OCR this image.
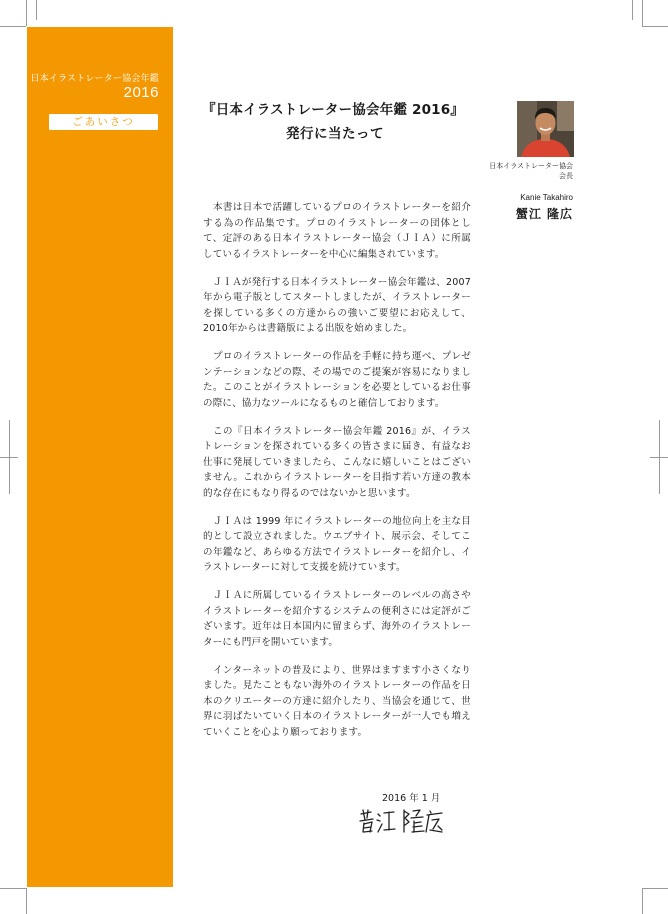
日本イラストレーター協会年鑑
2016
ごあいさつ
『日本イラストレーター協会年鑑 2016』
発行に当たって
日本イラストレーター協会
会長
Kanie Takahiro
蟹江 隆広

　本書は日本で活躍しているプロのイラストレーターを紹介する為の作品集です。プロのイラストレーターの団体として、定評のある日本イラストレーター協会（ＪＩＡ）に所属しているイラストレーターを中心に編集されています。

　ＪＩＡが発行する日本イラストレーター協会年鑑は、2007年から電子版としてスタートしましたが、イラストレーターを探している多くの方達からの強いご要望にお応えして、2010年からは書籍版による出版を始めました。

　プロのイラストレーターの作品を手軽に持ち運べ、プレゼンテーションなどの際、その場でのご提案が容易になりました。このことがイラストレーションを必要としているお仕事の際に、協力なツールになるものと確信しております。

　この『日本イラストレーター協会年鑑 2016』が、イラストレーションを探されている多くの皆さまに届き、有益なお仕事に発展していきましたら、こんなに嬉しいことはございません。これからイラストレーターを目指す若い方達の教本的な存在にもなり得るのではないかと思います。

　ＪＩＡは 1999 年にイラストレーターの地位向上を主な目的として設立されました。ウエブサイト、展示会、そしてこの年鑑など、あらゆる方法でイラストレーターを紹介し、イラストレーターに対して支援を続けています。

　ＪＩＡに所属しているイラストレーターのレベルの高さやイラストレーターを紹介するシステムの便利さには定評がございます。近年は日本国内に留まらず、海外のイラストレーターにも門戸を開いています。

　インターネットの普及により、世界はますます小さくなりました。見たこともない海外のイラストレーターの作品を日本のクリエーターの方達に紹介したり、当協会を通じて、世界に羽ばたいていく日本のイラストレーターが一人でも増えていくことを心より願っております。

2016 年 1 月
